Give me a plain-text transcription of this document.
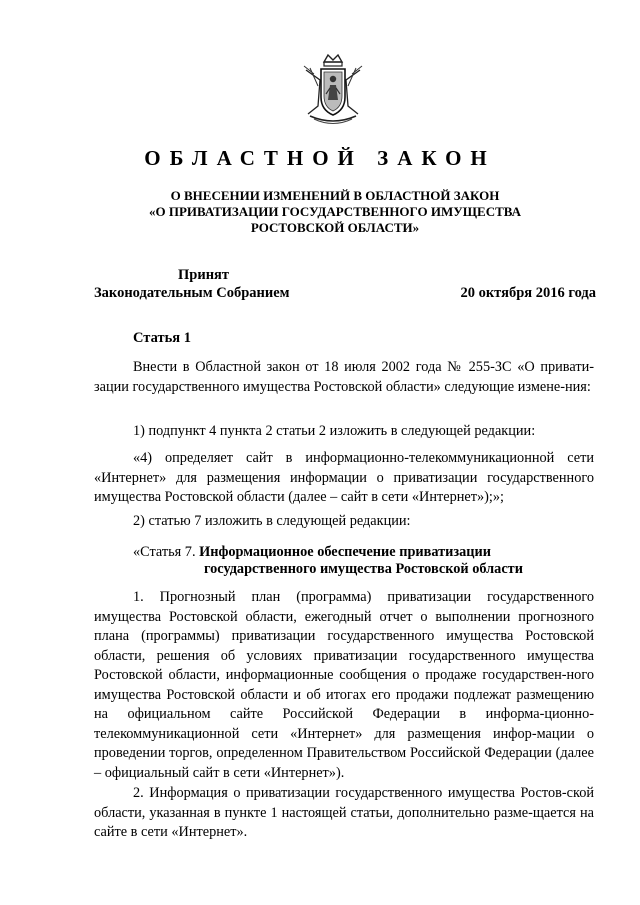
ОБЛАСТНОЙ ЗАКОН
О ВНЕСЕНИИ ИЗМЕНЕНИЙ В ОБЛАСТНОЙ ЗАКОН
«О ПРИВАТИЗАЦИИ ГОСУДАРСТВЕННОГО ИМУЩЕСТВА
РОСТОВСКОЙ ОБЛАСТИ»
Принят
Законодательным Собранием	20 октября 2016 года
Статья 1

Внести в Областной закон от 18 июля 2002 года № 255-ЗС «О привати-зации государственного имущества Ростовской области» следующие измене-ния:

1) подпункт 4 пункта 2 статьи 2 изложить в следующей редакции:

«4) определяет сайт в информационно-телекоммуникационной сети «Интернет» для размещения информации о приватизации государственного имущества Ростовской области (далее – сайт в сети «Интернет»);»;

2) статью 7 изложить в следующей редакции:

«Статья 7. Информационное обеспечение приватизации
государственного имущества Ростовской области

1. Прогнозный план (программа) приватизации государственного имущества Ростовской области, ежегодный отчет о выполнении прогнозного плана (программы) приватизации государственного имущества Ростовской области, решения об условиях приватизации государственного имущества Ростовской области, информационные сообщения о продаже государствен-ного имущества Ростовской области и об итогах его продажи подлежат размещению на официальном сайте Российской Федерации в информа-ционно-телекоммуникационной сети «Интернет» для размещения инфор-мации о проведении торгов, определенном Правительством Российской Федерации (далее – официальный сайт в сети «Интернет»).

2. Информация о приватизации государственного имущества Ростов-ской области, указанная в пункте 1 настоящей статьи, дополнительно разме-щается на сайте в сети «Интернет».
